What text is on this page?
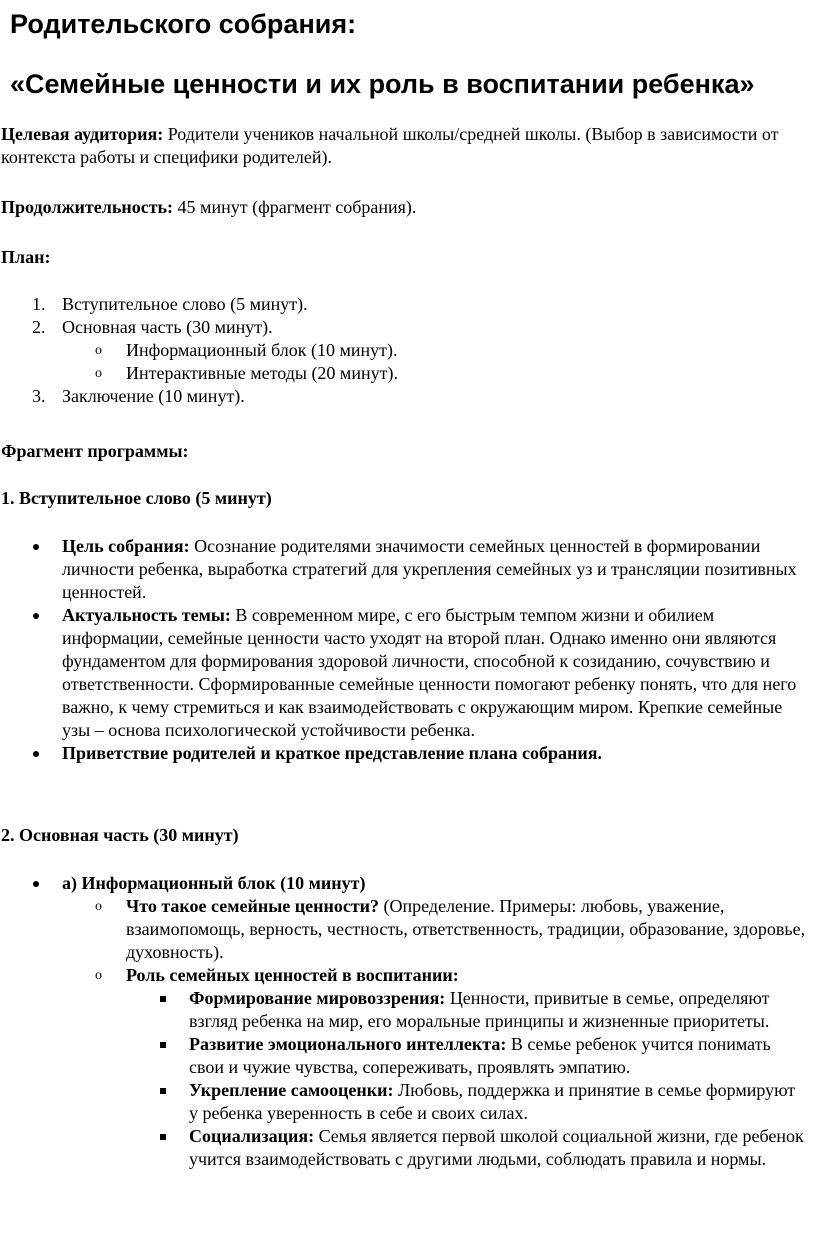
Родительского собрания:
«Семейные ценности и их роль в воспитании ребенка»
Целевая аудитория: Родители учеников начальной школы/средней школы. (Выбор в зависимости от контекста работы и специфики родителей).
Продолжительность: 45 минут (фрагмент собрания).
План:
1. Вступительное слово (5 минут).
2. Основная часть (30 минут).
o Информационный блок (10 минут).
o Интерактивные методы (20 минут).
3. Заключение (10 минут).
Фрагмент программы:
1. Вступительное слово (5 минут)
Цель собрания: Осознание родителями значимости семейных ценностей в формировании личности ребенка, выработка стратегий для укрепления семейных уз и трансляции позитивных ценностей.
Актуальность темы: В современном мире, с его быстрым темпом жизни и обилием информации, семейные ценности часто уходят на второй план. Однако именно они являются фундаментом для формирования здоровой личности, способной к созиданию, сочувствию и ответственности. Сформированные семейные ценности помогают ребенку понять, что для него важно, к чему стремиться и как взаимодействовать с окружающим миром. Крепкие семейные узы – основа психологической устойчивости ребенка.
Приветствие родителей и краткое представление плана собрания.
2. Основная часть (30 минут)
а) Информационный блок (10 минут)
o Что такое семейные ценности? (Определение. Примеры: любовь, уважение, взаимопомощь, верность, честность, ответственность, традиции, образование, здоровье, духовность).
o Роль семейных ценностей в воспитании:
Формирование мировоззрения: Ценности, привитые в семье, определяют взгляд ребенка на мир, его моральные принципы и жизненные приоритеты.
Развитие эмоционального интеллекта: В семье ребенок учится понимать свои и чужие чувства, сопереживать, проявлять эмпатию.
Укрепление самооценки: Любовь, поддержка и принятие в семье формируют у ребенка уверенность в себе и своих силах.
Социализация: Семья является первой школой социальной жизни, где ребенок учится взаимодействовать с другими людьми, соблюдать правила и нормы.
